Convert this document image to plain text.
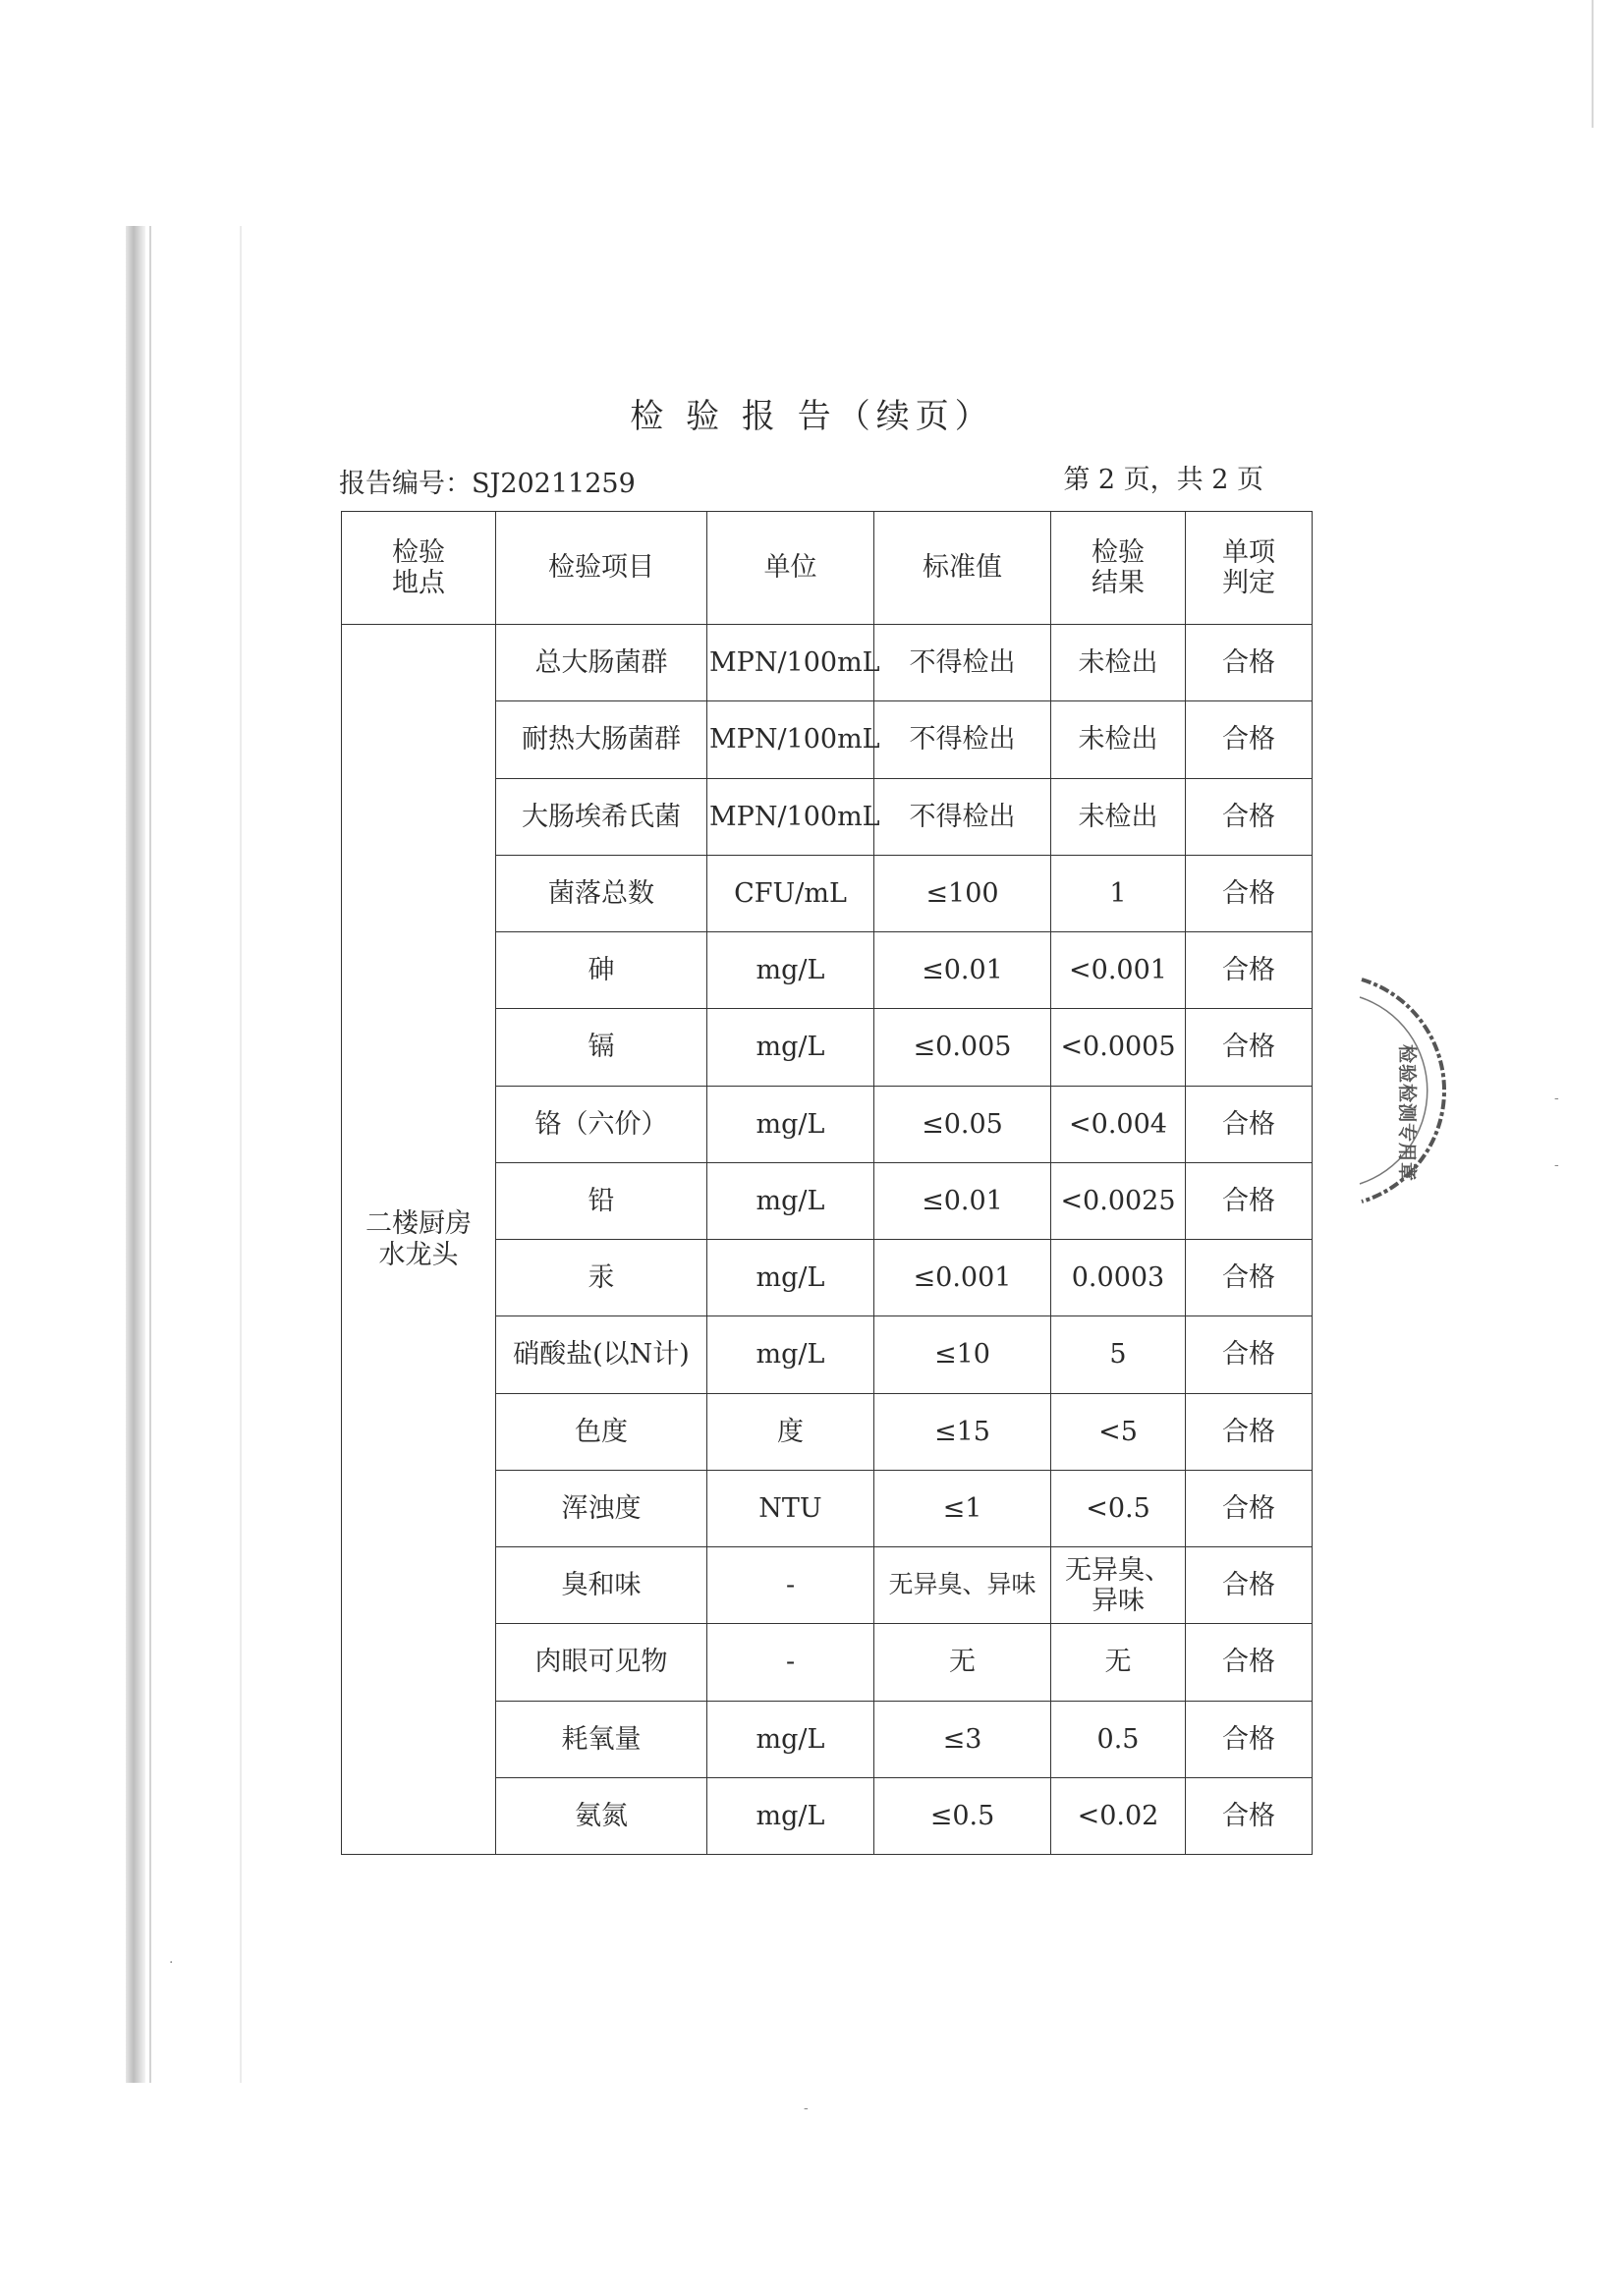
检 验 报 告（续页）
报告编号：SJ20211259	第 2 页，共 2 页
检验地点	检验项目	单位	标准值	检验结果	单项判定
二楼厨房水龙头	总大肠菌群	MPN/100mL	不得检出	未检出	合格
	耐热大肠菌群	MPN/100mL	不得检出	未检出	合格
	大肠埃希氏菌	MPN/100mL	不得检出	未检出	合格
	菌落总数	CFU/mL	≤100	1	合格
	砷	mg/L	≤0.01	<0.001	合格
	镉	mg/L	≤0.005	<0.0005	合格
	铬（六价）	mg/L	≤0.05	<0.004	合格
	铅	mg/L	≤0.01	<0.0025	合格
	汞	mg/L	≤0.001	0.0003	合格
	硝酸盐(以N计)	mg/L	≤10	5	合格
	色度	度	≤15	<5	合格
	浑浊度	NTU	≤1	<0.5	合格
	臭和味	-	无异臭、异味	无异臭、异味	合格
	肉眼可见物	-	无	无	合格
	耗氧量	mg/L	≤3	0.5	合格
	氨氮	mg/L	≤0.5	<0.02	合格
检验检测专用章	-
-
·
-
